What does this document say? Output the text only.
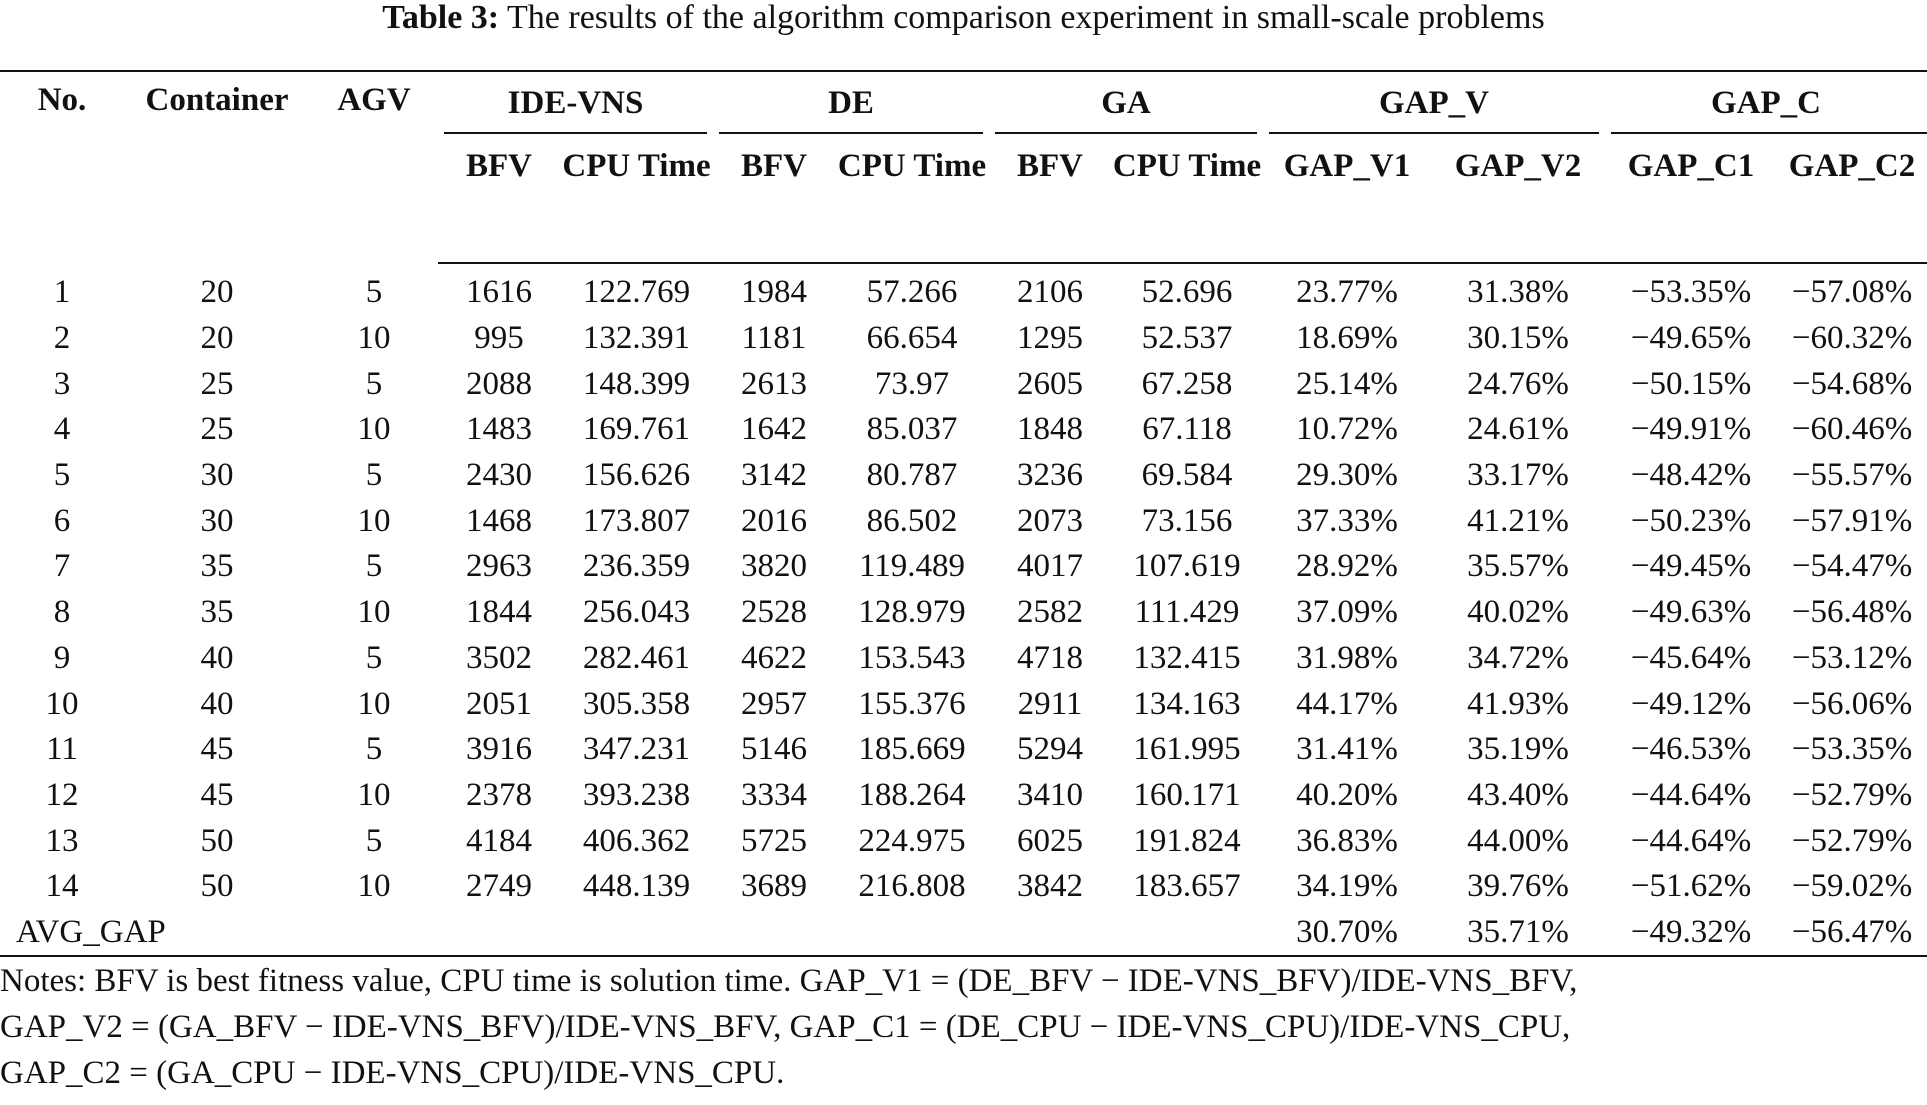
Table 3: The results of the algorithm comparison experiment in small-scale problems
No.	Container	AGV	IDE-VNS		DE		GA		GAP_V		GAP_C	

			BFV	CPU Time	BFV	CPU Time	BFV	CPU Time	GAP_V1	GAP_V2	GAP_C1	GAP_C2
1	20	5	1616	122.769	1984	57.266	2106	52.696	23.77%	31.38%	−53.35%	−57.08%
2	20	10	995	132.391	1181	66.654	1295	52.537	18.69%	30.15%	−49.65%	−60.32%
3	25	5	2088	148.399	2613	73.97	2605	67.258	25.14%	24.76%	−50.15%	−54.68%
4	25	10	1483	169.761	1642	85.037	1848	67.118	10.72%	24.61%	−49.91%	−60.46%
5	30	5	2430	156.626	3142	80.787	3236	69.584	29.30%	33.17%	−48.42%	−55.57%
6	30	10	1468	173.807	2016	86.502	2073	73.156	37.33%	41.21%	−50.23%	−57.91%
7	35	5	2963	236.359	3820	119.489	4017	107.619	28.92%	35.57%	−49.45%	−54.47%
8	35	10	1844	256.043	2528	128.979	2582	111.429	37.09%	40.02%	−49.63%	−56.48%
9	40	5	3502	282.461	4622	153.543	4718	132.415	31.98%	34.72%	−45.64%	−53.12%
10	40	10	2051	305.358	2957	155.376	2911	134.163	44.17%	41.93%	−49.12%	−56.06%
11	45	5	3916	347.231	5146	185.669	5294	161.995	31.41%	35.19%	−46.53%	−53.35%
12	45	10	2378	393.238	3334	188.264	3410	160.171	40.20%	43.40%	−44.64%	−52.79%
13	50	5	4184	406.362	5725	224.975	6025	191.824	36.83%	44.00%	−44.64%	−52.79%
14	50	10	2749	448.139	3689	216.808	3842	183.657	34.19%	39.76%	−51.62%	−59.02%
AVG_GAP									30.70%	35.71%	−49.32%	−56.47%

Notes: BFV is best fitness value, CPU time is solution time. GAP_V1 = (DE_BFV − IDE-VNS_BFV)/IDE-VNS_BFV,

GAP_V2 = (GA_BFV − IDE-VNS_BFV)/IDE-VNS_BFV, GAP_C1 = (DE_CPU − IDE-VNS_CPU)/IDE-VNS_CPU,

GAP_C2 = (GA_CPU − IDE-VNS_CPU)/IDE-VNS_CPU.
